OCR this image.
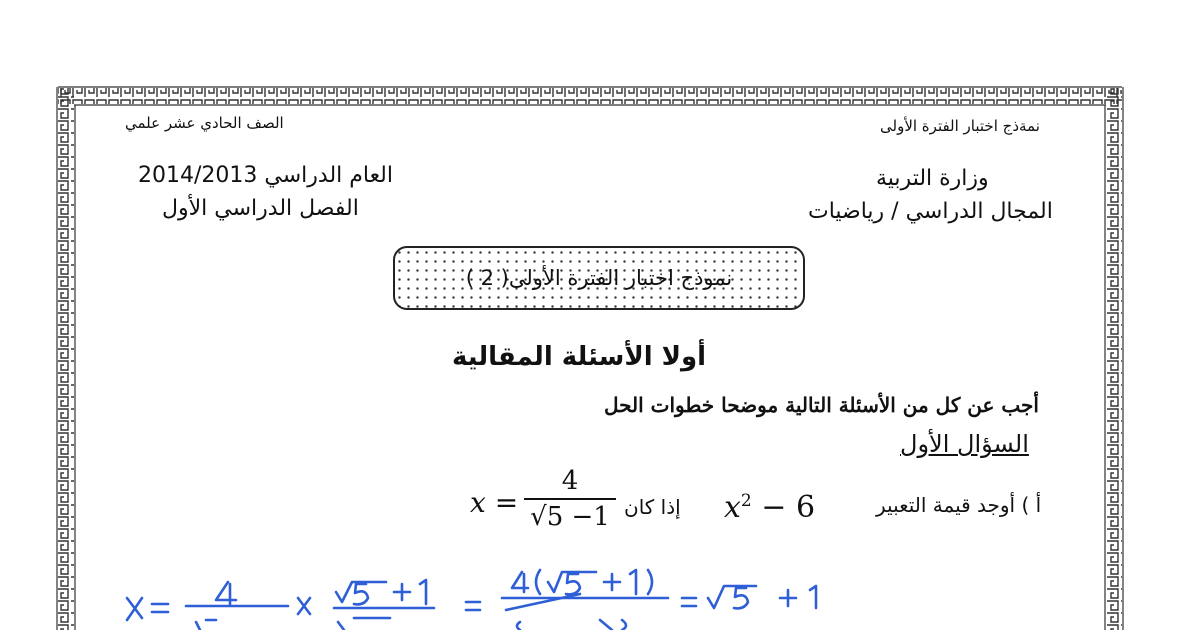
الصف الحادي عشر علمي	نمةذج اختبار الفترة الأولى
العام الدراسي 2014/2013
الفصل الدراسي الأول
وزارة التربية
المجال الدراسي / رياضيات
نموذج اختبار الفترة الأولى( 2 )
أولا الأسئلة المقالية
أجب عن كل من الأسئلة التالية موضحا خطوات الحل
السؤال الأول
أ ) أوجد قيمة التعبير
$x^2 - 6$
إذا كان
x =
4
√5 −1
